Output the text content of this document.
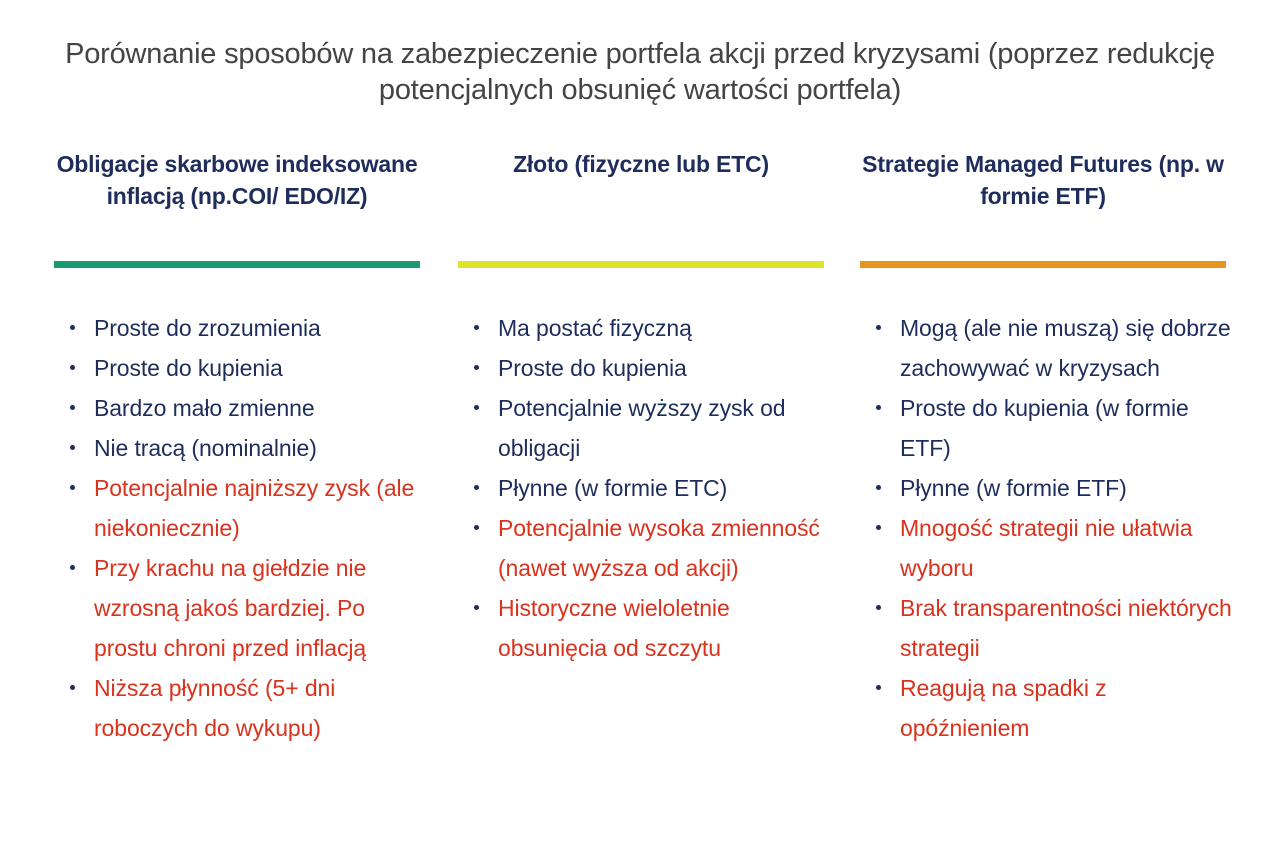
Porównanie sposobów na zabezpieczenie portfela akcji przed kryzysami (poprzez redukcję potencjalnych obsunięć wartości portfela)
Obligacje skarbowe indeksowane inflacją (np.COI/ EDO/IZ)
Proste do zrozumienia
Proste do kupienia
Bardzo mało zmienne
Nie tracą (nominalnie)
Potencjalnie najniższy zysk (ale niekoniecznie)
Przy krachu na giełdzie nie wzrosną jakoś bardziej. Po prostu chroni przed inflacją
Niższa płynność (5+ dni roboczych do wykupu)
Złoto (fizyczne lub ETC)
Ma postać fizyczną
Proste do kupienia
Potencjalnie wyższy zysk od obligacji
Płynne (w formie ETC)
Potencjalnie wysoka zmienność (nawet wyższa od akcji)
Historyczne wieloletnie obsunięcia od szczytu
Strategie Managed Futures (np. w formie ETF)
Mogą (ale nie muszą) się dobrze zachowywać w kryzysach
Proste do kupienia (w formie ETF)
Płynne (w formie ETF)
Mnogość strategii nie ułatwia wyboru
Brak transparentności niektórych strategii
Reagują na spadki z opóźnieniem
